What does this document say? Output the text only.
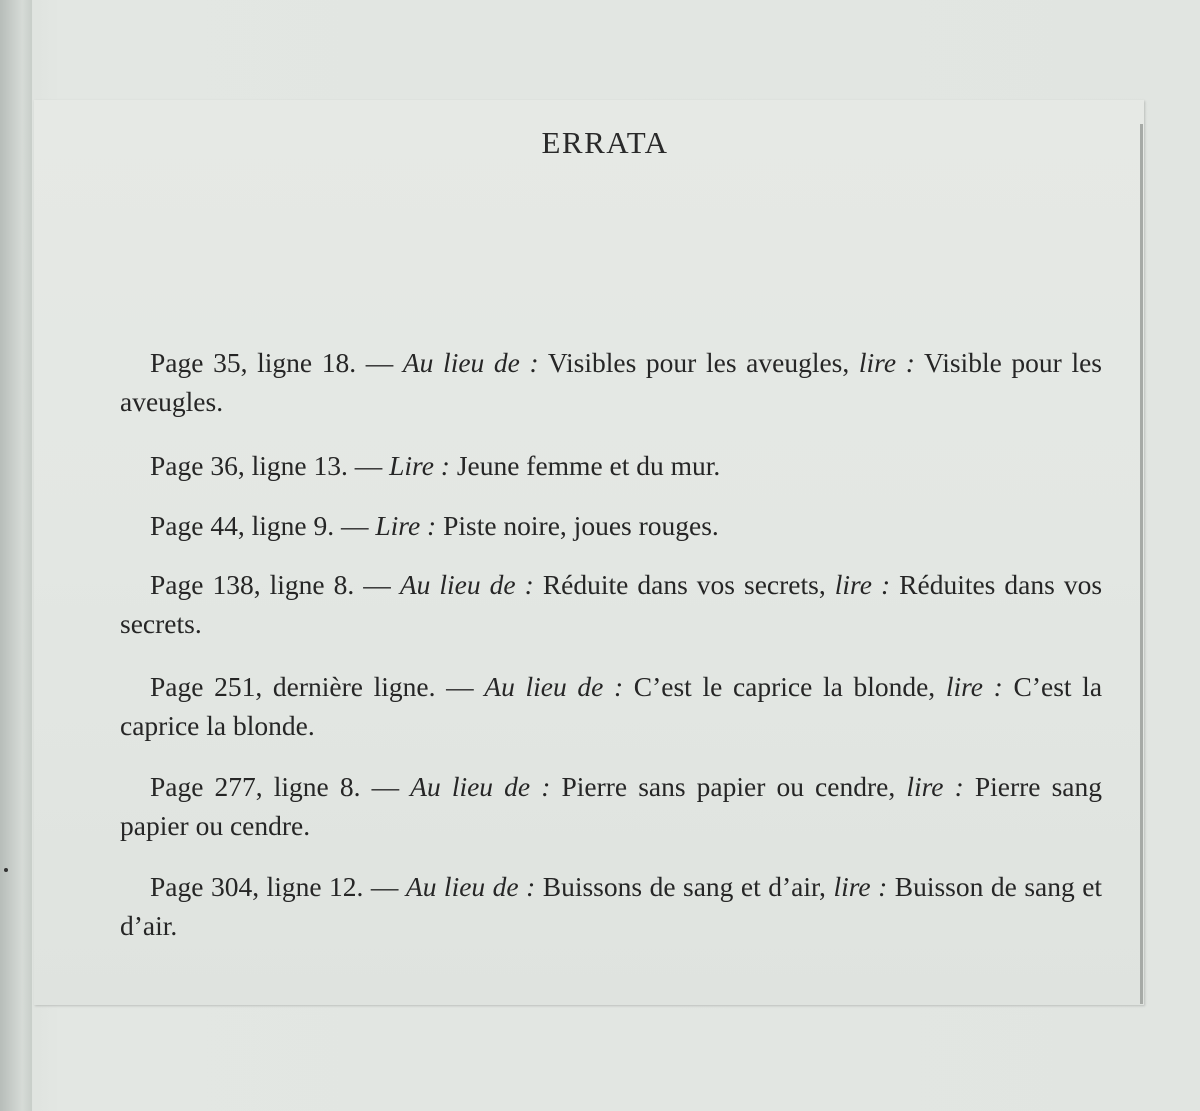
ERRATA
Page 35, ligne 18. — Au lieu de : Visibles pour les aveugles, lire : Visible pour les aveugles.
Page 36, ligne 13. — Lire : Jeune femme et du mur.
Page 44, ligne 9. — Lire : Piste noire, joues rouges.
Page 138, ligne 8. — Au lieu de : Réduite dans vos secrets, lire : Réduites dans vos secrets.
Page 251, dernière ligne. — Au lieu de : C’est le caprice la blonde, lire : C’est la caprice la blonde.
Page 277, ligne 8. — Au lieu de : Pierre sans papier ou cendre, lire : Pierre sang papier ou cendre.
Page 304, ligne 12. — Au lieu de : Buissons de sang et d’air, lire : Buisson de sang et d’air.
